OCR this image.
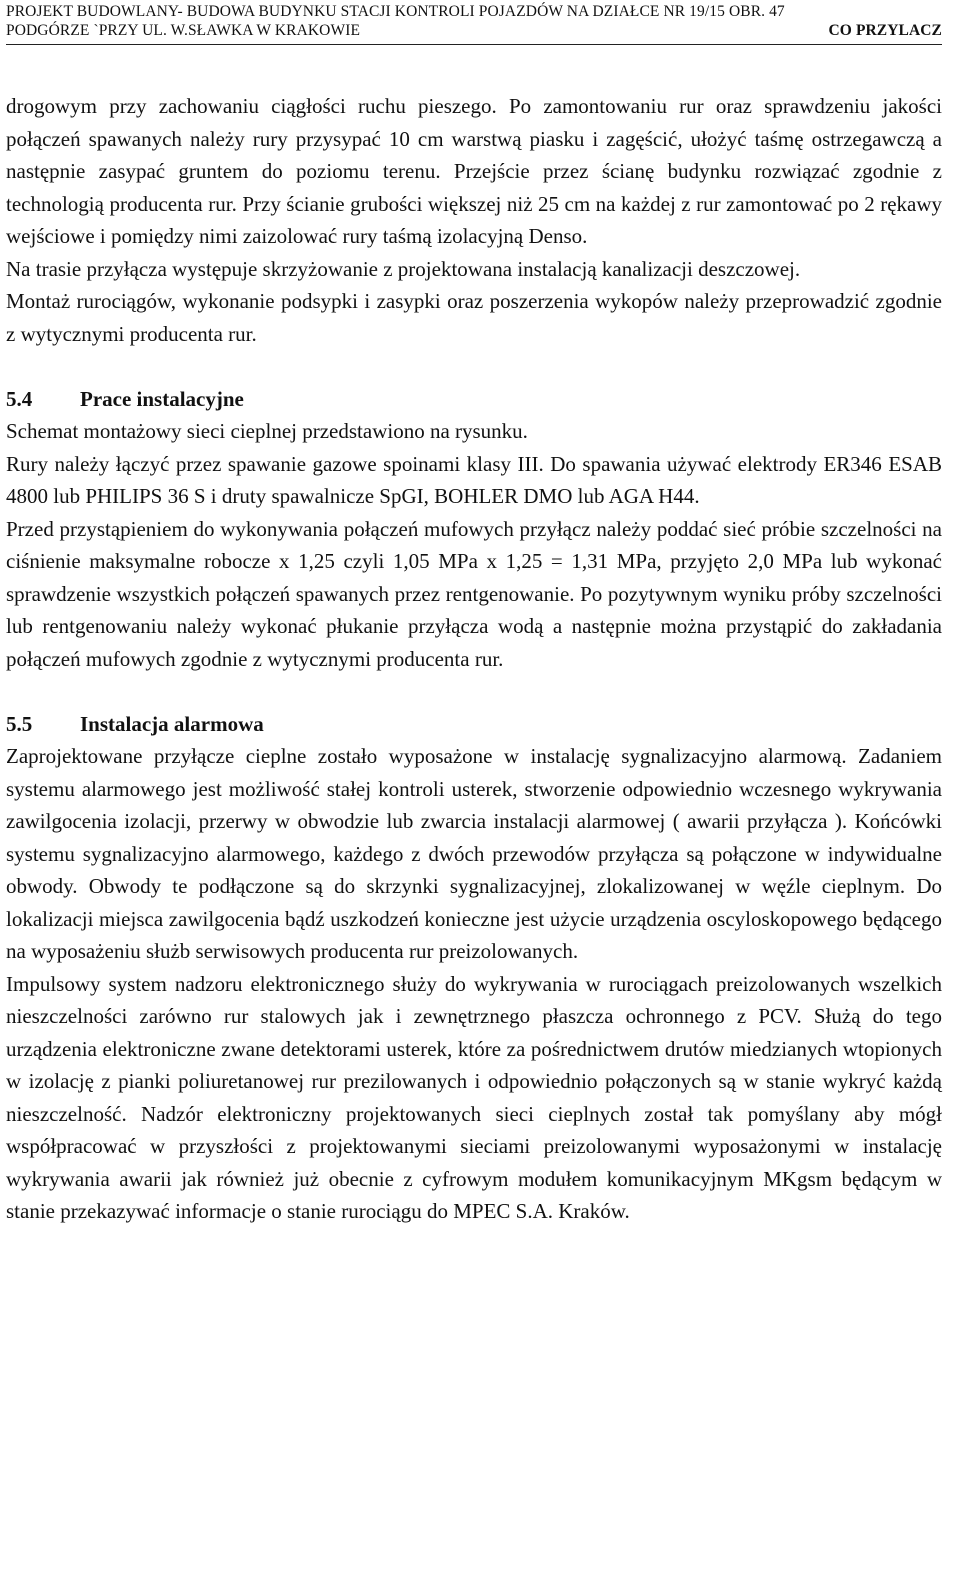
PROJEKT BUDOWLANY- BUDOWA BUDYNKU STACJI KONTROLI POJAZDÓW NA DZIAŁCE NR 19/15 OBR. 47
PODGÓRZE `PRZY UL. W.SŁAWKA W KRAKOWIE	CO PRZYLACZ

drogowym przy zachowaniu ciągłości ruchu pieszego. Po zamontowaniu rur oraz sprawdzeniu jakości połączeń spawanych należy rury przysypać 10 cm warstwą piasku i zagęścić, ułożyć taśmę ostrzegawczą a następnie zasypać gruntem do poziomu terenu. Przejście przez ścianę budynku rozwiązać zgodnie z technologią producenta rur. Przy ścianie grubości większej niż 25 cm na każdej z rur zamontować po 2 rękawy wejściowe i pomiędzy nimi zaizolować rury taśmą izolacyjną Denso.

Na trasie przyłącza występuje skrzyżowanie z projektowana instalacją kanalizacji deszczowej.

Montaż rurociągów, wykonanie podsypki i zasypki oraz poszerzenia wykopów należy przeprowadzić zgodnie z wytycznymi producenta rur.

5.4 Prace instalacyjne

Schemat montażowy sieci cieplnej przedstawiono na rysunku.

Rury należy łączyć przez spawanie gazowe spoinami klasy III. Do spawania używać elektrody ER346 ESAB 4800 lub PHILIPS 36 S i druty spawalnicze SpGI, BOHLER DMO lub AGA H44.

Przed przystąpieniem do wykonywania połączeń mufowych przyłącz należy poddać sieć próbie szczelności na ciśnienie maksymalne robocze x 1,25 czyli 1,05 MPa x 1,25 = 1,31 MPa, przyjęto 2,0 MPa lub wykonać sprawdzenie wszystkich połączeń spawanych przez rentgenowanie. Po pozytywnym wyniku próby szczelności lub rentgenowaniu należy wykonać płukanie przyłącza wodą a następnie można przystąpić do zakładania połączeń mufowych zgodnie z wytycznymi producenta rur.

5.5 Instalacja alarmowa

Zaprojektowane przyłącze cieplne zostało wyposażone w instalację sygnalizacyjno alarmową. Zadaniem systemu alarmowego jest możliwość stałej kontroli usterek, stworzenie odpowiednio wczesnego wykrywania zawilgocenia izolacji, przerwy w obwodzie lub zwarcia instalacji alarmowej ( awarii przyłącza ). Końcówki systemu sygnalizacyjno alarmowego, każdego z dwóch przewodów przyłącza są połączone w indywidualne obwody. Obwody te podłączone są do skrzynki sygnalizacyjnej, zlokalizowanej w węźle cieplnym. Do lokalizacji miejsca zawilgocenia bądź uszkodzeń konieczne jest użycie urządzenia oscyloskopowego będącego na wyposażeniu służb serwisowych producenta rur preizolowanych.

Impulsowy system nadzoru elektronicznego służy do wykrywania w rurociągach preizolowanych wszelkich nieszczelności zarówno rur stalowych jak i zewnętrznego płaszcza ochronnego z PCV. Służą do tego urządzenia elektroniczne zwane detektorami usterek, które za pośrednictwem drutów miedzianych wtopionych w izolację z pianki poliuretanowej rur prezilowanych i odpowiednio połączonych są w stanie wykryć każdą nieszczelność. Nadzór elektroniczny projektowanych sieci cieplnych został tak pomyślany aby mógł współpracować w przyszłości z projektowanymi sieciami preizolowanymi wyposażonymi w instalację wykrywania awarii jak również już obecnie z cyfrowym modułem komunikacyjnym MKgsm będącym w stanie przekazywać informacje o stanie rurociągu do MPEC S.A. Kraków.
